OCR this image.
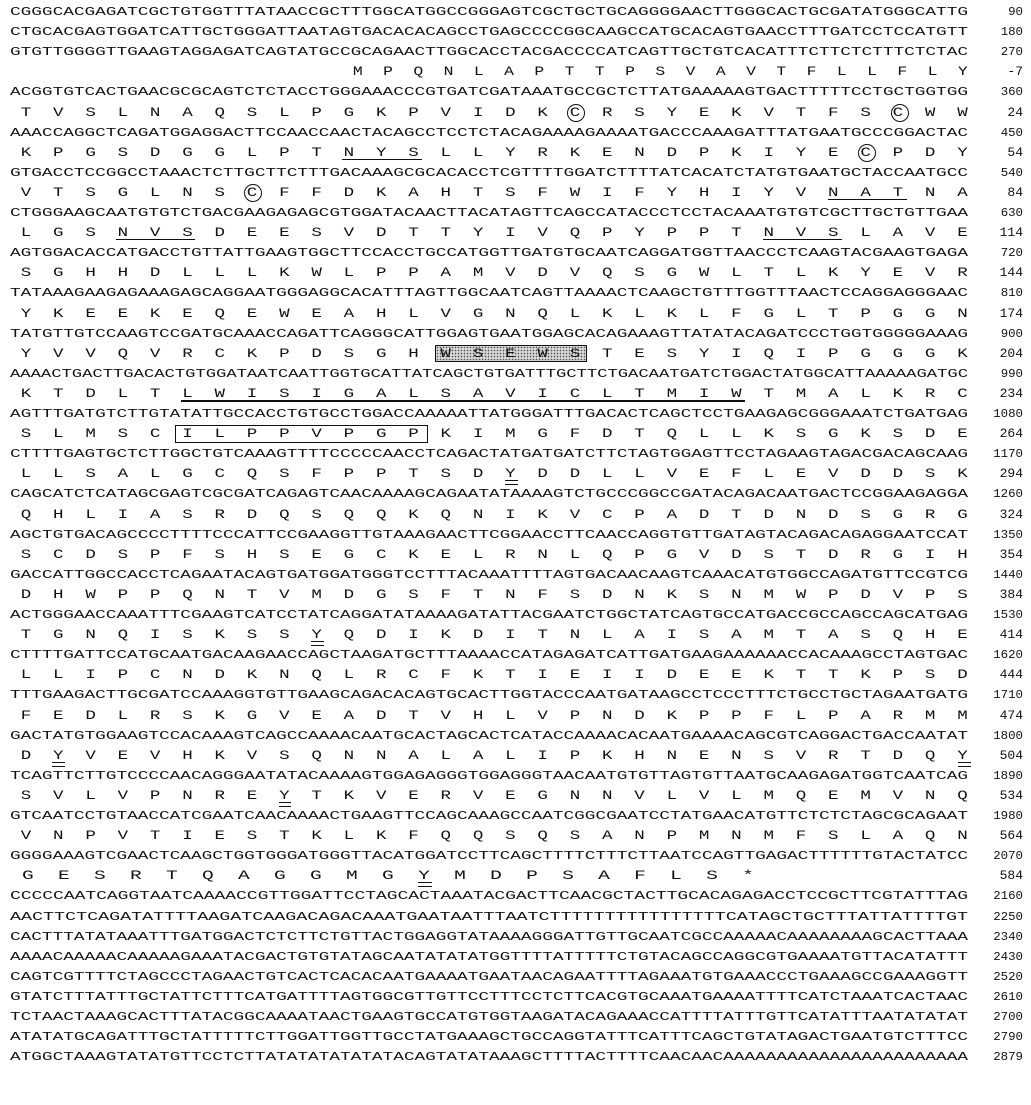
CGGGCACGAGATCGCTGTGGTTTATAACCGCTTTGGCATGGCCGGGAGTCGCTGCTGCAGGGGAACTTGGGCACTGCGATATGGGCATTG	90
CTGCACGAGTGGATCATTGCTGGGATTAATAGTGACACACAGCCTGAGCCCCGGCAAGCCATGCACAGTGAACCTTTGATCCTCCATGTT	180
GTGTTGGGGTTGAAGTAGGAGATCAGTATGCCGCAGAACTTGGCACCTACGACCCCATCAGTTGCTGTCACATTTCTTCTCTTTCTCTAC	270
M  P  Q  N  L  A  P  T  T  P  S  V  A  V  T  F  L  L  F  L  Y	-7
ACGGTGTCACTGAACGCGCAGTCTCTACCTGGGAAACCCGTGATCGATAAATGCCGCTCTTATGAAAAAGTGACTTTTTCCTGCTGGTGG	360
T  V  S  L  N  A  Q  S  L  P  G  K  P  V  I  D  K  C  R  S  Y  E  K  V  T  F  S  C  W  W	24
AAACCAGGCTCAGATGGAGGACTTCCAACCAACTACAGCCTCCTCTACAGAAAAGAAAATGACCCAAAGATTTATGAATGCCCGGACTAC	450
K  P  G  S  D  G  G  L  P  T  N  Y  S  L  L  Y  R  K  E  N  D  P  K  I  Y  E  C  P  D  Y	54
GTGACCTCCGGCCTAAACTCTTGCTTCTTTGACAAAGCGCACACCTCGTTTTGGATCTTTTATCACATCTATGTGAATGCTACCAATGCC	540
V  T  S  G  L  N  S  C  F  F  D  K  A  H  T  S  F  W  I  F  Y  H  I  Y  V  N  A  T  N  A	84
CTGGGAAGCAATGTGTCTGACGAAGAGAGCGTGGATACAACTTACATAGTTCAGCCATACCCTCCTACAAATGTGTCGCTTGCTGTTGAA	630
L  G  S  N  V  S  D  E  E  S  V  D  T  T  Y  I  V  Q  P  Y  P  P  T  N  V  S  L  A  V  E 114
AGTGGACACCATGACCTGTTATTGAAGTGGCTTCCACCTGCCATGGTTGATGTGCAATCAGGATGGTTAACCCTCAAGTACGAAGTGAGA	720
S  G  H  H  D  L  L  L  K  W  L  P  P  A  M  V  D  V  Q  S  G  W  L  T  L  K  Y  E  V  R 144
TATAAAGAAGAGAAAGAGCAGGAATGGGAGGCACATTTAGTTGGCAATCAGTTAAAACTCAAGCTGTTTGGTTTAACTCCAGGAGGGAAC	810
Y  K  E  E  K  E  Q  E  W  E  A  H  L  V  G  N  Q  L  K  L  K  L  F  G  L  T  P  G  G  N 174
TATGTTGTCCAAGTCCGATGCAAACCAGATTCAGGGCATTGGAGTGAATGGAGCACAGAAAGTTATATACAGATCCCTGGTGGGGGAAAG	900
Y  V  V  Q  V  R  C  K  P  D  S  G  H  W  S  E  W  S  T  E  S  Y  I  Q  I  P  G  G  G  K 204
AAAACTGACTTGACACTGTGGATAATCAATTGGTGCATTATCAGCTGTGATTTGCTTCTGACAATGATCTGGACTATGGCATTAAAAAGATGC	990
K  T  D  L  T  L  W  I  S  I  G  A  L  S  A  V  I  C  L  T  M  I  W  T  M  A  L  K  R  C 234
AGTTTGATGTCTTGTATATTGCCACCTGTGCCTGGACCAAAAATTATGGGATTTGACACTCAGCTCCTGAAGAGCGGGAAATCTGATGAG 1080
S  L  M  S  C  I  L  P  P  V  P  G  P  K  I  M  G  F  D  T  Q  L  L  K  S  G  K  S  D  E 264
CTTTTGAGTGCTCTTGGCTGTCAAAGTTTTCCCCCAACCTCAGACTATGATGATCTTCTAGTGGAGTTCCTAGAAGTAGACGACAGCAAG 1170
L  L  S  A  L  G  C  Q  S  F  P  P  T  S  D  Y  D  D  L  L  V  E  F  L  E  V  D  D  S  K 294
CAGCATCTCATAGCGAGTCGCGATCAGAGTCAACAAAAGCAGAATATAAAAGTCTGCCCGGCCGATACAGACAATGACTCCGGAAGAGGA 1260
Q  H  L  I  A  S  R  D  Q  S  Q  Q  K  Q  N  I  K  V  C  P  A  D  T  D  N  D  S  G  R  G 324
AGCTGTGACAGCCCCTTTTCCCATTCCGAAGGTTGTAAAGAACTTCGGAACCTTCAACCAGGTGTTGATAGTACAGACAGAGGAATCCAT 1350
S  C  D  S  P  F  S  H  S  E  G  C  K  E  L  R  N  L  Q  P  G  V  D  S  T  D  R  G  I  H 354
GACCATTGGCCACCTCAGAATACAGTGATGGATGGGTCCTTTACAAATTTTAGTGACAACAAGTCAAACATGTGGCCAGATGTTCCGTCG 1440
D  H  W  P  P  Q  N  T  V  M  D  G  S  F  T  N  F  S  D  N  K  S  N  M  W  P  D  V  P  S 384
ACTGGGAACCAAATTTCGAAGTCATCCTATCAGGATATAAAAGATATTACGAATCTGGCTATCAGTGCCATGACCGCCAGCCAGCATGAG 1530
T  G  N  Q  I  S  K  S  S  Y  Q  D  I  K  D  I  T  N  L  A  I  S  A  M  T  A  S  Q  H  E 414
CTTTTGATTCCATGCAATGACAAGAACCAGCTAAGATGCTTTAAAACCATAGAGATCATTGATGAAGAAAAAACCACAAAGCCTAGTGAC 1620
L  L  I  P  C  N  D  K  N  Q  L  R  C  F  K  T  I  E  I  I  D  E  E  K  T  T  K  P  S  D 444
TTTGAAGACTTGCGATCCAAAGGTGTTGAAGCAGACACAGTGCACTTGGTACCCAATGATAAGCCTCCCTTTCTGCCTGCTAGAATGATG 1710
F  E  D  L  R  S  K  G  V  E  A  D  T  V  H  L  V  P  N  D  K  P  P  F  L  P  A  R  M  M 474
GACTATGTGGAAGTCCACAAAGTCAGCCAAAACAATGCACTAGCACTCATACCAAAACACAATGAAAACAGCGTCAGGACTGACCAATAT 1800
D  Y  V  E  V  H  K  V  S  Q  N  N  A  L  A  L  I  P  K  H  N  E  N  S  V  R  T  D  Q  Y 504
TCAGTTCTTGTCCCCAACAGGGAATATACAAAAGTGGAGAGGGTGGAGGGTAACAATGTGTTAGTGTTAATGCAAGAGATGGTCAATCAG 1890
S  V  L  V  P  N  R  E  Y  T  K  V  E  R  V  E  G  N  N  V  L  V  L  M  Q  E  M  V  N  Q 534
GTCAATCCTGTAACCATCGAATCAACAAAACTGAAGTTCCAGCAAAGCCAATCGGCGAATCCTATGAACATGTTCTCTCTAGCGCAGAAT 1980
V  N  P  V  T  I  E  S  T  K  L  K  F  Q  Q  S  Q  S  A  N  P  M  N  M  F  S  L  A  Q  N 564
GGGGAAAGTCGAACTCAAGCTGGTGGGATGGGTTACATGGATCCTTCAGCTTTTCTTTCTTAATCCAGTTGAGACTTTTTTGTACTATCC 2070
G  E  S  R  T  Q  A  G  G  M  G  Y  M  D  P  S  A  F  L  S  *	584
CCCCCAATCAGGTAATCAAAACCGTTGGATTCCTAGCACTAAATACGACTTCAACGCTACTTGCACAGAGACCTCCGCTTCGTATTTAG 2160
AACTTCTCAGATATTTTAAGATCAAGACAGACAAATGAATAATTTAATCTTTTTTTTTTTTTTTTCATAGCTGCTTTATTATTTTGT 2250
CACTTTATATAAATTTGATGGACTCTCTTCTGTTACTGGAGGTATAAAAGGGATTGTTGCAATCGCCAAAAACAAAAAAAAGCACTTAAA 2340
AAAACAAAAACAAAAAGAAATACGACTGTGTATAGCAATATATATGGTTTTATTTTTCTGTACAGCCAGGCGTGAAAATGTTACATATTT 2430
CAGTCGTTTTCTAGCCCTAGAACTGTCACTCACACAATGAAAATGAATAACAGAATTTTAGAAATGTGAAACCCTGAAAGCCGAAAGGTT 2520
GTATCTTTATTTGCTATTCTTTCATGATTTTAGTGGCGTTGTTCCTTTCCTCTTCACGTGCAAATGAAAATTTTCATCTAAATCACTAAC 2610
TCTAACTAAAGCACTTTATACGGCAAAATAACTGAAGTGCCATGTGGTAAGATACAGAAACCATTTTATTTGTTCATATTTAATATATAT 2700
ATATATGCAGATTTGCTATTTTTCTTGGATTGGTTGCCTATGAAAGCTGCCAGGTATTTCATTTCAGCTGTATAGACTGAATGTCTTTCC 2790
ATGGCTAAAGTATATGTTCCTCTTATATATATATATACAGTATATAAAGCTTTTACTTTTCAACAACAAAAAAAAAAAAAAAAAAAAAAA 2879
